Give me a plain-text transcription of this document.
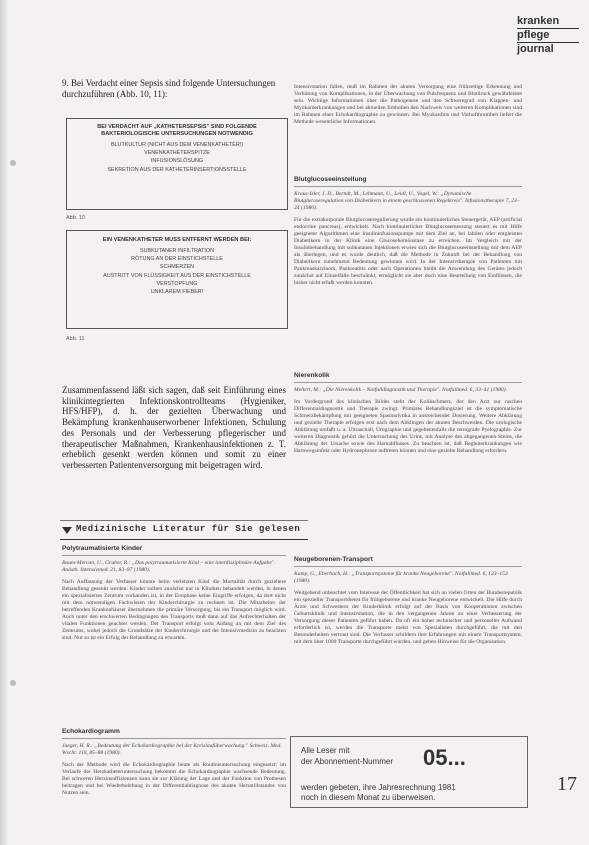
kranken
pflege
journal
9. Bei Verdacht einer Sepsis sind folgende Untersuchungen durchzuführen (Abb. 10, 11):
BEI VERDACHT AUF „KATHETERSEPSIS" SIND FOLGENDE BAKTERIOLOGISCHE UNTERSUCHUNGEN NOTWENDIG
BLUTKULTUR (NICHT AUS DEM VENENKATHETER!)
VENENKATHETERSPITZE
INFUSIONSLÖSUNG
SEKRETION AUS DER KATHETERINSERTIONSSTELLE
Abb. 10
EIN VENENKATHETER MUSS ENTFERNT WERDEN BEI:
SUBKUTANER INFILTRATION
RÖTUNG AN DER EINSTICHSTELLE
SCHMERZEN
AUSTRITT VON FLÜSSIGKEIT AUS DER EINSTICHSTELLE
VERSTOPFUNG
UNKLAREM FIEBER!
Abb. 11
Zusammenfassend läßt sich sagen, daß seit Einführung eines klinikintegrierten Infektionskontrollteams (Hygieniker, HFS/HFP), d. h. der gezielten Überwachung und Bekämpfung krankenhauserworbener Infektionen, Schulung des Personals und der Verbesserung pflegerischer und therapeutischer Maßnahmen, Krankenhausinfektionen z. T. erheblich gesenkt werden können und somit zu einer verbesserten Patientenversorgung mit beigetragen wird.
Medizinische Literatur für Sie gelesen
Polytraumatisierte Kinder
Baum-Mercan, U., Gruber, R.: „Das polytraumatisierte Kind – eine interdisziplinäre Aufgabe". Anästh. Intensivmed. 21, 83–87 (1980).
Nach Auffassung der Verfasser könnte beim verletzten Kind die Mortalität durch gezieltere Behandlung gesenkt werden. Kinder sollten zunächst nur in Kliniken behandelt werden, in denen ein spezialisiertes Zentrum vorhanden ist, in der Erstphase keine Eingriffe erfolgen, da dort nicht mit dem notwendigen Fachwissen der Kinderchirurgie zu rechnen ist. Die Mitarbeiter der betreffenden Krankenhäuser übernehmen die primäre Versorgung, bis ein Transport möglich wird. Auch unter den erschwerten Bedingungen des Transports muß dann auf das Aufrechterhalten der vitalen Funktionen geachtet werden. Der Transport erfolgt vom Anfang an mit dem Ziel des Zentrums, wobei jedoch die Grundsätze der Kinderchirurgie und der Intensivmedizin zu beachten sind. Nur so ist ein Erfolg der Behandlung zu erwarten.
Echokardiogramm
Jaeger, H. R.: „Bedeutung der Echokardiographie bei der Kreislaufüberwachung." Schweiz. Med. Wschr. 110, 85–88 (1980).
Nach der Methode wird die Echokardiographie heute als Routineuntersuchung eingesetzt; im Verlaufe der Herzkatheteruntersuchung bekommt die Echokardiographie wachsende Bedeutung. Bei schweren Herzinsuffizienzen kann sie zur Klärung der Lage und der Funktion von Prothesen beitragen und bei Wiederbelebung in der Differentialdiagnose des akuten Herzstillstandes von Nutzen sein.
Intensivstation fallen, muß im Rahmen der akuten Versorgung eine frühzeitige Erkennung und Verhütung von Komplikationen, in der Überwachung von Pulsfrequenz und Blutdruck gewährleistet sein. Wichtige Informationen über die Pathogenese und den Schweregrad von Klappen- und Myokarderkrankungen und bei aktuellen Embolien den Nachweis von weiteren Komplikationen sind im Rahmen einer Echokardiographie zu gewinnen. Bei Myokarditis und Vorhofthromben liefert die Methode wesentliche Informationen.
Blutglucoseeinstellung
Kraus-Isler, J. D., Berndt, M., Lehmann, U., Leidl, U., Vogel, W.: „Dynamische Blutglucoseregulation von Diabetikern in einem geschlossenen Regelkreis". Infusionstherapie 7, 23–24 (1980).
Für die extrakorporale Blutglucoseregulierung wurde ein kontinuierliches Steuergerät, AEP (artificial endocrine pancreas), entwickelt. Nach kontinuierlicher Blutglucosemessung steuert es mit Hilfe geeigneter Algorithmen eine Insulininfusionspumpe mit dem Ziel an, bei labilen oder entgleisten Diabetikern in der Klinik eine Glucosehomöostase zu erreichen. Im Vergleich mit der Insulinbehandlung mit subkutanen Injektionen erwies sich die Blutglucoseeinstellung mit dem AEP als überlegen, und es wurde deutlich, daß die Methode in Zukunft bei der Behandlung von Diabetikern zunehmend Bedeutung gewinnen wird. In der Intensivtherapie von Patienten mit Pankreaskarzinom, Pankreatitis oder nach Operationen bleibt die Anwendung des Gerätes jedoch zunächst auf Einzelfälle beschränkt, ermöglicht sie aber doch eine Beurteilung von Einflüssen, die bisher nicht erfaßt werden konnten.
Nierenkolik
Mellert, M.: „Die Nierenkolik – Notfalldiagnostik und Therapie". Notfallmed. 6, 33–41 (1980).
Im Vordergrund des klinischen Bildes steht der Kolikschmerz, der den Arzt zur raschen Differentialdiagnostik und Therapie zwingt. Primäres Behandlungsziel ist die symptomatische Schmerzbekämpfung mit geeigneten Spasmolytika in ausreichender Dosierung. Weitere Abklärung und gezielte Therapie erfolgen erst nach dem Abklingen der akuten Beschwerden. Die urologische Abklärung umfaßt u. a. Ultraschall, Urographie und gegebenenfalls die retrograde Pyelographie. Zur weiteren Diagnostik gehört die Untersuchung des Urins, mit Analyse des abgegangenen Steins, die Abklärung der Ursache sowie des Harnabflusses. Zu beachten ist, daß Begleiterkrankungen wie Harnwegsinfekt oder Hydronephrose auftreten können und eine gezielte Behandlung erfordern.
Neugeborenen-Transport
Kamp, G., Eberbach, H.: „Transportsysteme für kranke Neugeborene". Notfallmed. 6, 123–153 (1980).
Weitgehend unbeachtet vom Interesse der Öffentlichkeit hat sich an vielen Orten der Bundesrepublik ein spezieller Transportdienst für frühgeborene und kranke Neugeborene entwickelt. Die Hilfe durch Ärzte und Schwestern der Kinderklinik erfolgt auf der Basis von Kooperationen zwischen Geburtsklinik und Intensivstation, die in den vergangenen Jahren zu einer Verbesserung der Versorgung dieser Patienten geführt haben. Da oft ein hoher technischer und personeller Aufwand erforderlich ist, werden die Transporte meist von Spezialisten durchgeführt, die mit den Besonderheiten vertraut sind. Die Verfasser schildern ihre Erfahrungen mit einem Transportsystem, mit dem über 1000 Transporte durchgeführt wurden, und geben Hinweise für die Organisation.
Alle Leser mit
der Abonnement-Nummer 05...
werden gebeten, ihre Jahresrechnung 1981
noch in diesem Monat zu überweisen.
17
